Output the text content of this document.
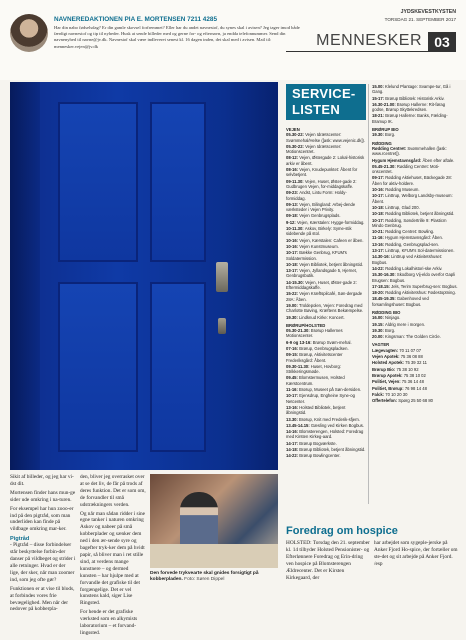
NAVNEREDAKTIONEN PIA E. MORTENSEN 7211 4285
Har din nabo fødselsdag? Er din gamle skovsel forfremmet? Eller har du andet navnestof, du synes skal i avisen? Jeg tager imod både færdigt navnestof og tip til nyheder. Husk at sende billeder med og gerne for- og efternavn, ja endda telefonnummer. Send din navnenyhed til navne@jv.dk. Navnestof skal være indleveret senest kl. 16 dagen inden, det skal med i avisen. Mail til: mennesker.vejen@jv.dk
JYDSKEVESTKYSTEN
TORSDAG 21. SEPTEMBER 2017
MENNESKER 03

Sikit af billeder, og jeg har vi-dst dit.

Mortensen finder hans mun-ge sider ude omkring i na-turen.

For eksempel har hun zooo-er ind på den pigtråd, som man underliden kan finde på vildbage omkring mar-ker.

Pigtråd

- Pigtråd – disse forbindelser står beskyttelse forbin-der danser på vildbeget og strider i alle retninger. Hvad er der lige, der sker, når man zoomer ind, som jeg ofte gør?

Funktionen er at vise til blods, at forbindes vores frie bevægelighed. Men når der nedover på kobberpla-

den, bliver jeg overrasket over at se det liv, de får på trods af deres funktion. Det er som om, de forvandler til små udstrækningers verden.

Og når man sådan ridder i sine egne tanker i naturen omkring Askov og nabeer på små kobberplader og sænker dem ned i den ær-sende syre og bagefter tryk-ker dem på hvidt papir, så bliver man i ret stille sind, at verdens mange kunstnere – og dermed kunsten – har hjulpe med at forvandle det grafiske til det forgængelige. Det er vel kunstens kald, siger Lise Ringsted.

For hende er det grafiske værksted som en alkymists laboratorium – et forvand-lingssted.

Den forvede trykvearte skal gnides forsigtigt på kobberpladen. Foto: Søren Dippel
SERVICE-LISTEN
VEJEN
05.30-22: Vejen Idrætscenter: Svømmehal/Helse ([ask: www.vejenic.dk]).
05.30-22: Vejen Idrætscenter: Motionscentret.
08-12: Vejen, Østergade 2: Lokal-historisk arkiv er åbent.
08-16: Vejen, Knudepunktet: Åbent for selvbetjent.
09-11.30: Vejen, Huset, Øster-gade 2: Gudbrugen Vejen, for-middagskaffe.
09-23: Andst, Lintu Form: Holdy-formiddag.
09-13: Vejen, Bilingland: Arbej-dende værksteder i Vejen Privity.
09-18: Vejen Genbrugsplads.
9-12: Vejen, Kærstalen: Hygge-formiddag.
10-11.30: Askov, Birkely: Syme-stik sidebende på stol.
10-16: Vejen, Kærstalen: Cafeen er åben.
10-16: Vejen Kunstmuseum.
10-17: Bække Genbrug, KFUM's Soldatermission.
10-18: Vejen Bibliotek, betjent åbningstid.
13-17: Vejen, Jyllandsgade 5, Hjernet, Genbrugsbutik.
14-15.30: Vejen, Huset, Øster-gade 2: Eftermiddagskaffe.
15-22: Vejen Kræftspilcafé, Søn-dergade 28A: Åben.
19.00: Troldepolen, Vejen: Foredrag med Charlotte Bøving, Kræftens Bekæmpelse.
19.30: Lindknud Kirke: Koncert.
BRØRUP/HOLSTED
05.30-21.30: Brørup Hallernes Motionscenter.
6-9 og 13-16: Brørup Svøm-mehal.
07-16: Brørup, Genbrugspladsen.
09-15: Brørup, Aktivitetscenter Frederiksgård: Åbent.
09.30-11.30: Huset, Hovborg: Strikkeringsmøde.
09.45: Blomstermusen, Holsted Kærstcentrum.
11-16: Brørup, Museet på Søn-dersiden.
10-17: Ejensdrup, Engheine Syne-og Netcenter.
13-16: Holsted Bibliotek, betjent åbningstid.
13.30: Brørup, Knit med Frederik-sfjern.
13.45-14.15: Gæsling ved Kirken Bogbus.
14-16: Blomsterengen, Holsted: Foredrag med Kirsten Kirkeg-aard.
14-17: Brørup Bogværkste.
14-18: Brørup Bibliotek, betjent åbningstid.
14-22: Brørup Bowlingcenter.
15.00: Klelund Plantage: Svampe-tur, Gå i Gang.
15-17: Brørup Bibliotek: Historisk Arkiv.
16.30-21.00: Brørup Hallerne: Rit-førag godse, Brørup Skyttekredsen.
18-21: Brørup Hallerne: Banks, Fælding-Bramup IK.
BRØRUP BIO
19.30: Borg.
RØDDING
Rødding Centret: Svømmehallen ([ask: www.rcentret]).
Hygum Hjemstavnsgård: Åben efter aftale.
05.45-21.30: Rødding Centret: Moti-onscentret.
09-17: Rødding Aktiehuset, Bäckegade 28: Åben for aktiv-holdere.
10-16: Rødding Museum.
10-17: Linttrup, Welborg Landsby-museum: Åbent.
10-18: Linttrup, Glad 200.
10-18: Rødding Bibliotek, betjent åbningstid.
10-17: Rødding, Søndertrille 9: Plasticm Mindo Genbrug.
10-21: Rødding Centret: Bowling.
11-16: Hygum Hjemstavnsgård: Åben.
13-16: Rødding, Genbrugsplad-sen.
13-17: Linttrup, KFUM's Sol-datermissionen.
14.30-16: Linttrup ved Aktivitetshuset: Bogbus.
14-22: Rødding Lokalhistori-ske Arkiv.
15.30-16.30: Skodborg Vij-eldo overfor Gapli Brugsen: Bogbus.
17-18.15: Jels, Terim Superbrug-sen: Bogbus.
18-20: Rødding Aktivitetshus: Fødestoptning.
18.45-19.35: Gabenhoved ved forsamlingshuset: Bogbus.
RØDDING BIO
16.00: Ninjago.
19.15: Aldrig mere i morgen.
19.30: Borg.
20.00: Kingsman: The Golden Circle.
VAGTER
Lægevagten: 70 11 07 07
Vejen Apotek: 75 36 08 88
Holsted Apotek: 75 39 32 11
Brørup Bio: 75 38 10 92
Brørup Apotek: 75 38 10 02
Politiet, Vejen: 75 36 14 48
Politiet, Brørup: 76 98 14 48
Falck: 70 10 20 30
Offertelefon: Spørg 25 50 68 80
Foredrag om hospice
HOLSTED: Torsdag den 21. september kl. 14 tilbyder Holsted Pensionister- og Efterlønnere Foredrag og Erin-dring ven hospice på Blomsterengen Ældrecenter. Det er Kirsten Kirkegaard, der
har arbejdet som sygeple-jerske på Anker Fjord Ho-spice, der fortæller om ste-det og sit arbejde på Anker Fjord. /esp
